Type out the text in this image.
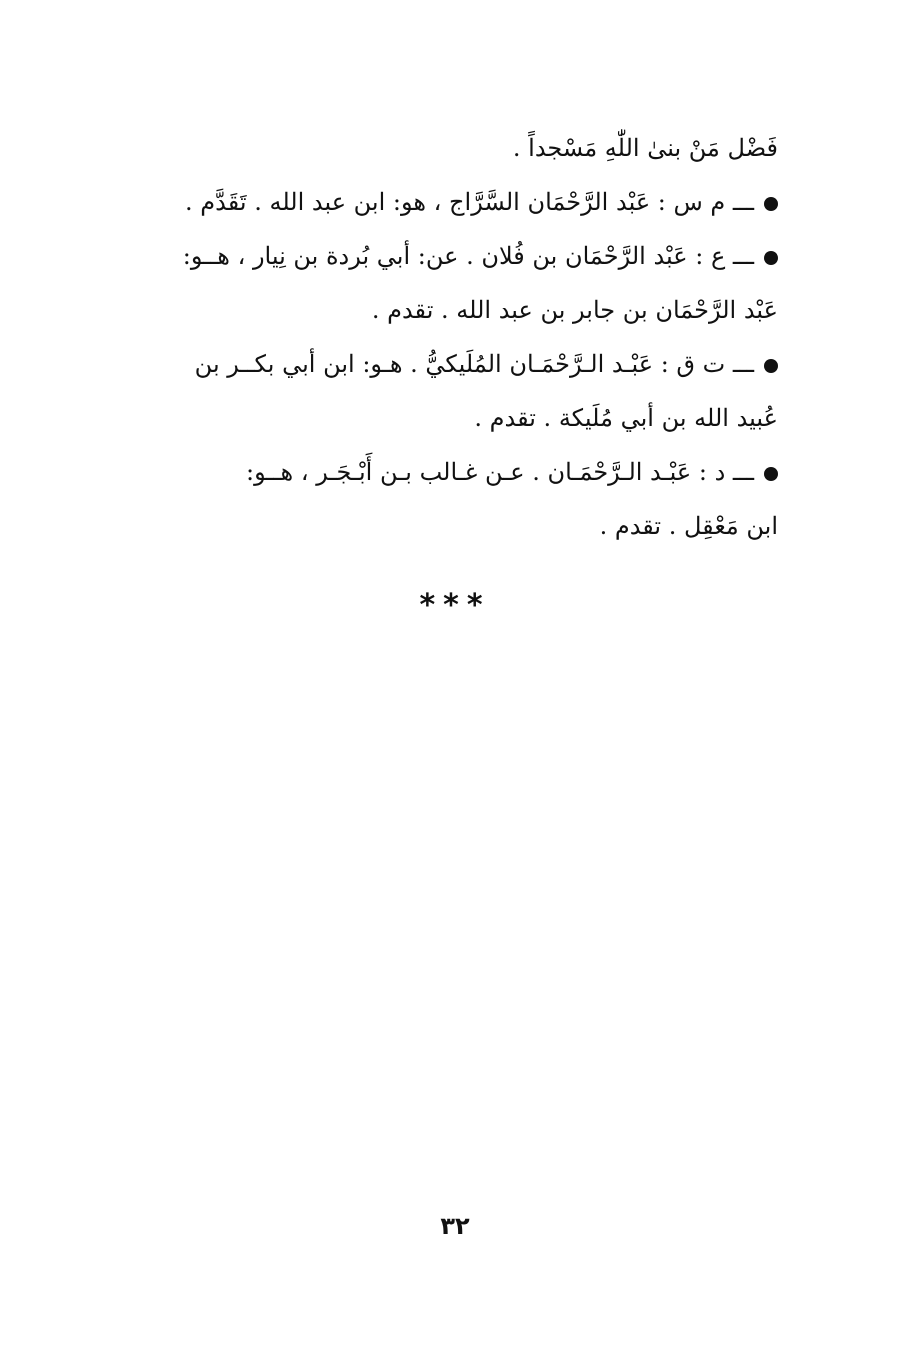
فَضْل مَنْ بنىٰ اللّٰهِ مَسْجداً .
ـــ م س : عَبْد الرَّحْمَان السَّرَّاج ، هو: ابن عبد الله . تَقَدَّم .
ـــ ع : عَبْد الرَّحْمَان بن فُلان . عن: أبي بُردة بن نِيار ، هــو:
عَبْد الرَّحْمَان بن جابر بن عبد الله . تقدم .
ـــ ت ق : عَبْـد الـرَّحْمَـان المُلَيكيُّ . هـو: ابن أبي بكــر بن
عُبيد الله بن أبي مُلَيكة . تقدم .
ـــ د : عَبْـد الـرَّحْمَـان . عـن غـالب بـن أَبْـجَـر ، هــو:
ابن مَعْقِل . تقدم .
***
٣٢
